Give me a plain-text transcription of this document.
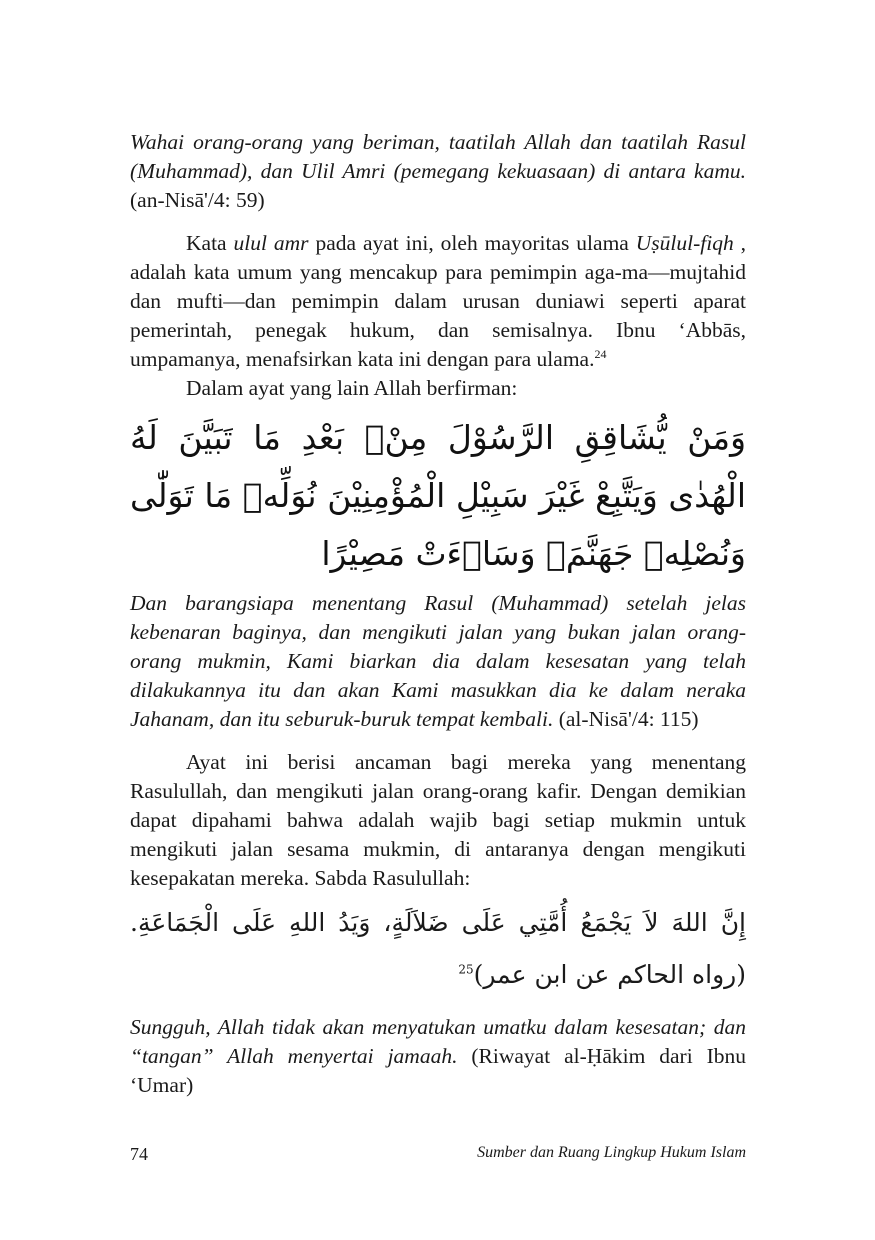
Wahai orang-orang yang beriman, taatilah Allah dan taatilah Rasul (Muhammad), dan Ulil Amri (pemegang kekuasaan) di antara kamu. (an-Nisā'/4: 59)

Kata ulul amr pada ayat ini, oleh mayoritas ulama Uṣūlul-fiqh , adalah kata umum yang mencakup para pemimpin aga-ma—mujtahid dan mufti—dan pemimpin dalam urusan duniawi seperti aparat pemerintah, penegak hukum, dan semisalnya. Ibnu ‘Abbās, umpamanya, menafsirkan kata ini dengan para ulama.$^{24}$

Dalam ayat yang lain Allah berfirman:

وَمَنْ يُّشَاقِقِ الرَّسُوْلَ مِنْۢ بَعْدِ مَا تَبَيَّنَ لَهُ الْهُدٰى وَيَتَّبِعْ غَيْرَ سَبِيْلِ الْمُؤْمِنِيْنَ نُوَلِّهٖ مَا تَوَلّٰى وَنُصْلِهٖ جَهَنَّمَۗ وَسَاۤءَتْ مَصِيْرًا

Dan barangsiapa menentang Rasul (Muhammad) setelah jelas kebenaran baginya, dan mengikuti jalan yang bukan jalan orang-orang mukmin, Kami biarkan dia dalam kesesatan yang telah dilakukannya itu dan akan Kami masukkan dia ke dalam neraka Jahanam, dan itu seburuk-buruk tempat kembali. (al-Nisā'/4: 115)

Ayat ini berisi ancaman bagi mereka yang menentang Rasulullah, dan mengikuti jalan orang-orang kafir. Dengan demikian dapat dipahami bahwa adalah wajib bagi setiap mukmin untuk mengikuti jalan sesama mukmin, di antaranya dengan mengikuti kesepakatan mereka. Sabda Rasulullah:

إِنَّ اللهَ لاَ يَجْمَعُ أُمَّتِي عَلَى ضَلاَلَةٍ، وَيَدُ اللهِ عَلَى الْجَمَاعَةِ. (رواه الحاكم عن ابن عمر)$^{25}$

Sungguh, Allah tidak akan menyatukan umatku dalam kesesatan; dan “tangan” Allah menyertai jamaah. (Riwayat al-Ḥākim dari Ibnu ‘Umar)

74	Sumber dan Ruang Lingkup Hukum Islam
